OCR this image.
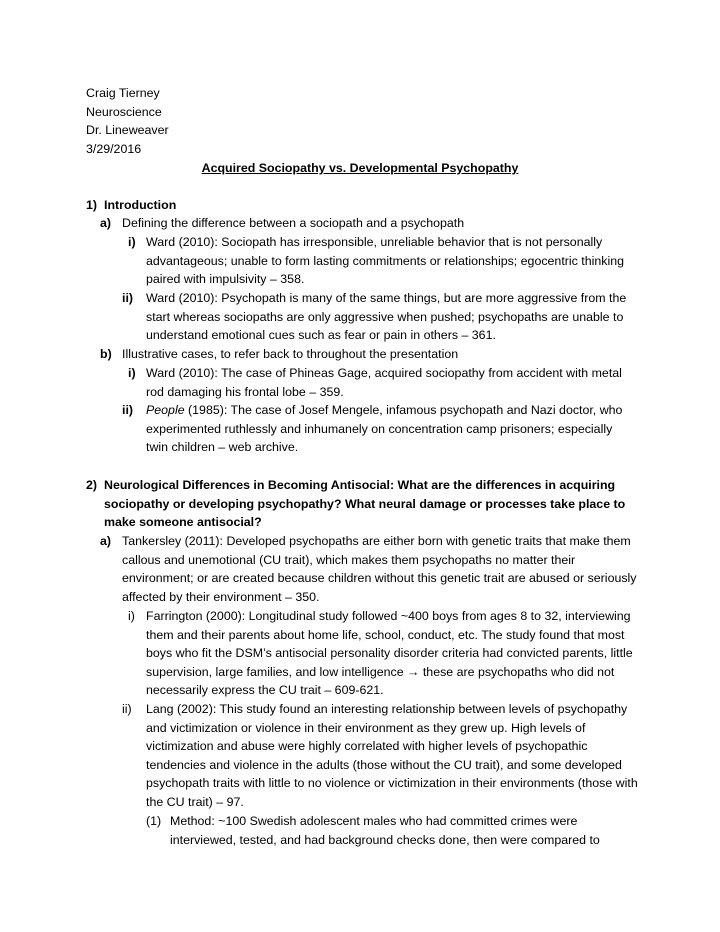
Craig Tierney
Neuroscience
Dr. Lineweaver
3/29/2016
Acquired Sociopathy vs. Developmental Psychopathy
1) Introduction
a) Defining the difference between a sociopath and a psychopath
i) Ward (2010): Sociopath has irresponsible, unreliable behavior that is not personally advantageous; unable to form lasting commitments or relationships; egocentric thinking paired with impulsivity – 358.
ii) Ward (2010): Psychopath is many of the same things, but are more aggressive from the start whereas sociopaths are only aggressive when pushed; psychopaths are unable to understand emotional cues such as fear or pain in others – 361.
b) Illustrative cases, to refer back to throughout the presentation
i) Ward (2010): The case of Phineas Gage, acquired sociopathy from accident with metal rod damaging his frontal lobe – 359.
ii) People (1985): The case of Josef Mengele, infamous psychopath and Nazi doctor, who experimented ruthlessly and inhumanely on concentration camp prisoners; especially twin children – web archive.
2) Neurological Differences in Becoming Antisocial: What are the differences in acquiring sociopathy or developing psychopathy? What neural damage or processes take place to make someone antisocial?
a) Tankersley (2011): Developed psychopaths are either born with genetic traits that make them callous and unemotional (CU trait), which makes them psychopaths no matter their environment; or are created because children without this genetic trait are abused or seriously affected by their environment – 350.
i) Farrington (2000): Longitudinal study followed ~400 boys from ages 8 to 32, interviewing them and their parents about home life, school, conduct, etc. The study found that most boys who fit the DSM’s antisocial personality disorder criteria had convicted parents, little supervision, large families, and low intelligence → these are psychopaths who did not necessarily express the CU trait – 609-621.
ii) Lang (2002): This study found an interesting relationship between levels of psychopathy and victimization or violence in their environment as they grew up. High levels of victimization and abuse were highly correlated with higher levels of psychopathic tendencies and violence in the adults (those without the CU trait), and some developed psychopath traits with little to no violence or victimization in their environments (those with the CU trait) – 97.
(1) Method: ~100 Swedish adolescent males who had committed crimes were interviewed, tested, and had background checks done, then were compared to
